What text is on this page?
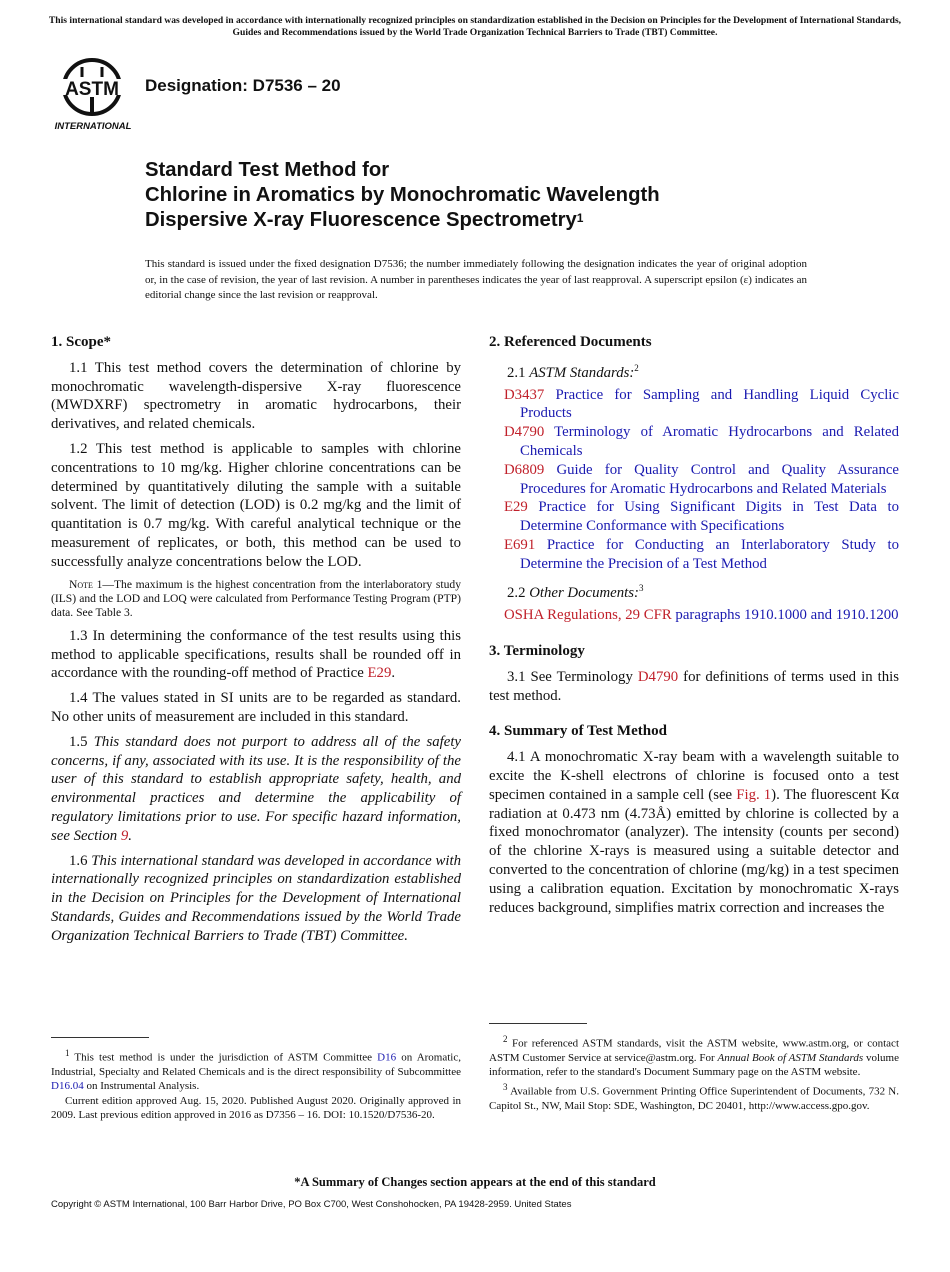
This international standard was developed in accordance with internationally recognized principles on standardization established in the Decision on Principles for the Development of International Standards, Guides and Recommendations issued by the World Trade Organization Technical Barriers to Trade (TBT) Committee.
ASTM
INTERNATIONAL
Designation: D7536 – 20
Standard Test Method for
Chlorine in Aromatics by Monochromatic Wavelength
Dispersive X-ray Fluorescence Spectrometry$^1$
This standard is issued under the fixed designation D7536; the number immediately following the designation indicates the year of original adoption or, in the case of revision, the year of last revision. A number in parentheses indicates the year of last reapproval. A superscript epsilon (ε) indicates an editorial change since the last revision or reapproval.
1. Scope*

1.1 This test method covers the determination of chlorine by monochromatic wavelength-dispersive X-ray fluorescence (MWDXRF) spectrometry in aromatic hydrocarbons, their derivatives, and related chemicals.

1.2 This test method is applicable to samples with chlorine concentrations to 10 mg/kg. Higher chlorine concentrations can be determined by quantitatively diluting the sample with a suitable solvent. The limit of detection (LOD) is 0.2 mg/kg and the limit of quantitation is 0.7 mg/kg. With careful analytical technique or the measurement of replicates, or both, this method can be used to successfully analyze concentrations below the LOD.

Note 1—The maximum is the highest concentration from the interlaboratory study (ILS) and the LOD and LOQ were calculated from Performance Testing Program (PTP) data. See Table 3.

1.3 In determining the conformance of the test results using this method to applicable specifications, results shall be rounded off in accordance with the rounding-off method of Practice E29.

1.4 The values stated in SI units are to be regarded as standard. No other units of measurement are included in this standard.

1.5 This standard does not purport to address all of the safety concerns, if any, associated with its use. It is the responsibility of the user of this standard to establish appropriate safety, health, and environmental practices and determine the applicability of regulatory limitations prior to use. For specific hazard information, see Section 9.

1.6 This international standard was developed in accordance with internationally recognized principles on standardization established in the Decision on Principles for the Development of International Standards, Guides and Recommendations issued by the World Trade Organization Technical Barriers to Trade (TBT) Committee.

2. Referenced Documents
2.1 ASTM Standards:$^2$

D3437 Practice for Sampling and Handling Liquid Cyclic Products

D4790 Terminology of Aromatic Hydrocarbons and Related Chemicals

D6809 Guide for Quality Control and Quality Assurance Procedures for Aromatic Hydrocarbons and Related Materials

E29 Practice for Using Significant Digits in Test Data to Determine Conformance with Specifications

E691 Practice for Conducting an Interlaboratory Study to Determine the Precision of a Test Method

2.2 Other Documents:$^3$

OSHA Regulations, 29 CFR paragraphs 1910.1000 and 1910.1200

3. Terminology

3.1 See Terminology D4790 for definitions of terms used in this test method.

4. Summary of Test Method

4.1 A monochromatic X-ray beam with a wavelength suitable to excite the K-shell electrons of chlorine is focused onto a test specimen contained in a sample cell (see Fig. 1). The fluorescent Kα radiation at 0.473 nm (4.73Å) emitted by chlorine is collected by a fixed monochromator (analyzer). The intensity (counts per second) of the chlorine X-rays is measured using a suitable detector and converted to the concentration of chlorine (mg/kg) in a test specimen using a calibration equation. Excitation by monochromatic X-rays reduces background, simplifies matrix correction and increases the

$^1$ This test method is under the jurisdiction of ASTM Committee D16 on Aromatic, Industrial, Specialty and Related Chemicals and is the direct responsibility of Subcommittee D16.04 on Instrumental Analysis.

Current edition approved Aug. 15, 2020. Published August 2020. Originally approved in 2009. Last previous edition approved in 2016 as D7356 – 16. DOI: 10.1520/D7536-20.

$^2$ For referenced ASTM standards, visit the ASTM website, www.astm.org, or contact ASTM Customer Service at service@astm.org. For Annual Book of ASTM Standards volume information, refer to the standard's Document Summary page on the ASTM website.

$^3$ Available from U.S. Government Printing Office Superintendent of Documents, 732 N. Capitol St., NW, Mail Stop: SDE, Washington, DC 20401, http://www.access.gpo.gov.

*A Summary of Changes section appears at the end of this standard
Copyright © ASTM International, 100 Barr Harbor Drive, PO Box C700, West Conshohocken, PA 19428-2959. United States
